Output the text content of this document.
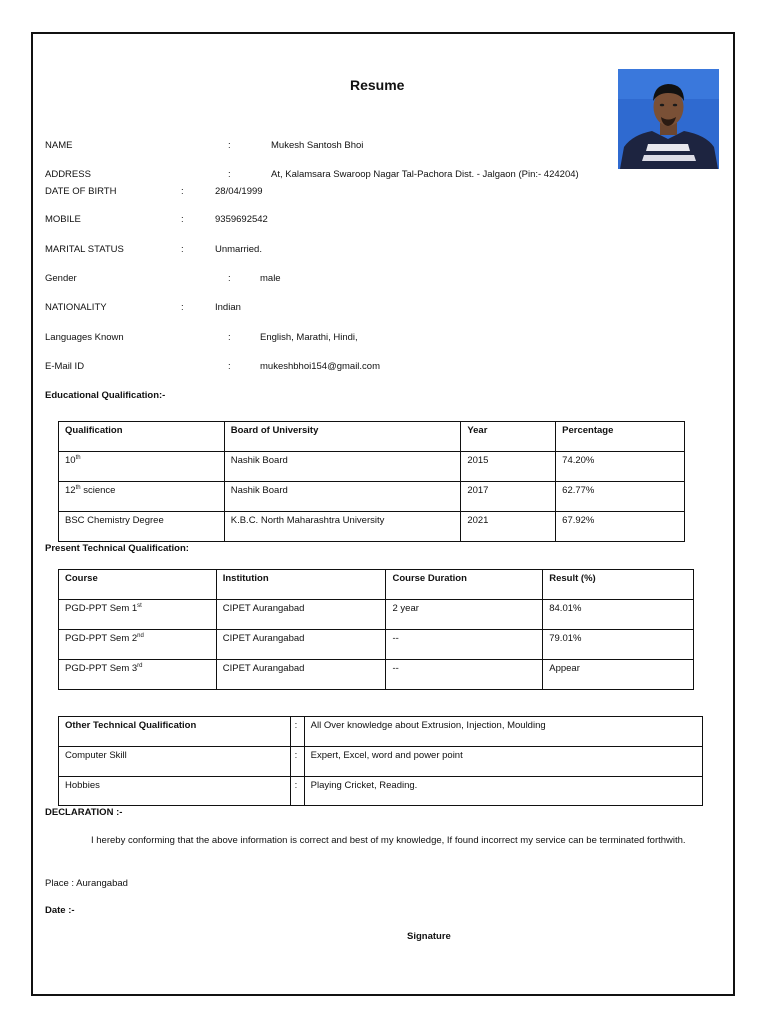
Resume
NAME	:	Mukesh Santosh Bhoi
ADDRESS	:	At, Kalamsara Swaroop Nagar Tal-Pachora Dist. - Jalgaon (Pin:- 424204)
DATE OF BIRTH	:	28/04/1999
MOBILE	:	9359692542
MARITAL STATUS	:	Unmarried.
Gender	:	male
NATIONALITY	:	Indian
Languages Known	:	English, Marathi, Hindi,
E-Mail ID	:	mukeshbhoi154@gmail.com
Educational Qualification:-
Qualification	Board of University	Year	Percentage
10th	Nashik Board	2015	74.20%
12th science	Nashik Board	2017	62.77%
BSC Chemistry Degree	K.B.C. North Maharashtra University	2021	67.92%
Present Technical Qualification:
Course	Institution	Course Duration	Result (%)
PGD-PPT Sem 1st	CIPET Aurangabad	2 year	84.01%
PGD-PPT Sem 2nd	CIPET Aurangabad	--	79.01%
PGD-PPT Sem 3rd	CIPET Aurangabad	--	Appear
Other Technical Qualification	:	All Over knowledge about Extrusion, Injection, Moulding
Computer Skill	:	Expert, Excel, word and power point
Hobbies	:	Playing Cricket, Reading.
DECLARATION :-
I hereby conforming that the above information is correct and best of my knowledge, If found incorrect my service can be terminated forthwith.
Place : Aurangabad
Date :-
Signature
